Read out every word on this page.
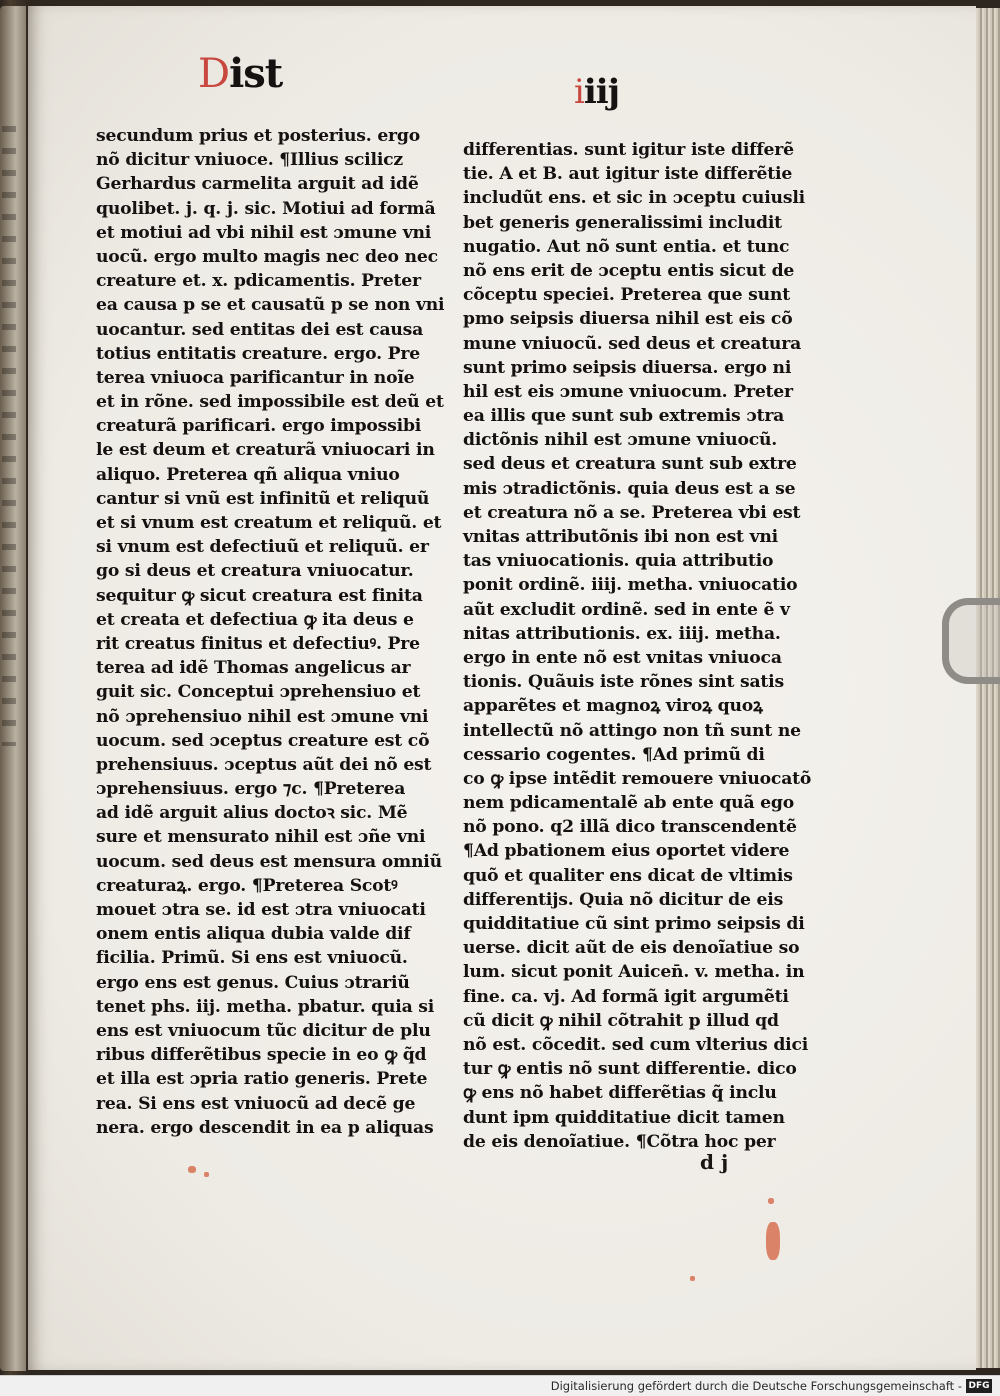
Dist	iiij
secundum prius et posterius. ergo
nõ dicitur vniuoce. ¶Illius scilicz
Gerhardus carmelita arguit ad idẽ
quolibet. j. q. j. sic. Motiui ad formã
et motiui ad vbi nihil est ɔmune vni
uocũ. ergo multo magis nec deo nec
creature et. x. pdicamentis. Preter
ea causa p se et causatũ p se non vni
uocantur. sed entitas dei est causa
totius entitatis creature. ergo. Pre
terea vniuoca parificantur in noĩe
et in rõne. sed impossibile est deũ et
creaturã parificari. ergo impossibi
le est deum et creaturã vniuocari in
aliquo. Preterea qñ aliqua vniuo
cantur si vnũ est infinitũ et reliquũ
et si vnum est creatum et reliquũ. et
si vnum est defectiuũ et reliquũ. er
go si deus et creatura vniuocatur.
sequitur ꝙ sicut creatura est finita
et creata et defectiua ꝙ ita deus e
rit creatus finitus et defectiuꝰ. Pre
terea ad idẽ Thomas angelicus ar
guit sic. Conceptui ɔprehensiuo et
nõ ɔprehensiuo nihil est ɔmune vni
uocum. sed ɔceptus creature est cõ
prehensiuus. ɔceptus aũt dei nõ est
ɔprehensiuus. ergo ⁊c. ¶Preterea
ad idẽ arguit alius doctoꝛ sic. Mẽ
sure et mensurato nihil est ɔñe vni
uocum. sed deus est mensura omniũ
creaturaꝝ. ergo. ¶Preterea Scotꝰ
mouet ɔtra se. id est ɔtra vniuocati
onem entis aliqua dubia valde dif
ficilia. Primũ. Si ens est vniuocũ.
ergo ens est genus. Cuius ɔtrariũ
tenet phs. iij. metha. pbatur. quia si
ens est vniuocum tũc dicitur de plu
ribus differẽtibus specie in eo ꝙ q̃d
et illa est ɔpria ratio generis. Prete
rea. Si ens est vniuocũ ad decẽ ge
nera. ergo descendit in ea p aliquas
differentias. sunt igitur iste differẽ
tie. A et B. aut igitur iste differẽtie
includũt ens. et sic in ɔceptu cuiusli
bet generis generalissimi includit
nugatio. Aut nõ sunt entia. et tunc
nõ ens erit de ɔceptu entis sicut de
cõceptu speciei. Preterea que sunt
pmo seipsis diuersa nihil est eis cõ
mune vniuocũ. sed deus et creatura
sunt primo seipsis diuersa. ergo ni
hil est eis ɔmune vniuocum. Preter
ea illis que sunt sub extremis ɔtra
dictõnis nihil est ɔmune vniuocũ.
sed deus et creatura sunt sub extre
mis ɔtradictõnis. quia deus est a se
et creatura nõ a se. Preterea vbi est
vnitas attributõnis ibi non est vni
tas vniuocationis. quia attributio
ponit ordinẽ. iiij. metha. vniuocatio
aũt excludit ordinẽ. sed in ente ẽ v
nitas attributionis. ex. iiij. metha.
ergo in ente nõ est vnitas vniuoca
tionis. Quãuis iste rõnes sint satis
apparẽtes et magnoꝝ viroꝝ quoꝝ
intellectũ nõ attingo non tñ sunt ne
cessario cogentes. ¶Ad primũ di
co ꝙ ipse intẽdit remouere vniuocatõ
nem pdicamentalẽ ab ente quã ego
nõ pono. q2 illã dico transcendentẽ
¶Ad pbationem eius oportet videre
quõ et qualiter ens dicat de vltimis
differentijs. Quia nõ dicitur de eis
quidditatiue cũ sint primo seipsis di
uerse. dicit aũt de eis denoĩatiue so
lum. sicut ponit Auicen̄. v. metha. in
fine. ca. vj. Ad formã igit argumẽti
cũ dicit ꝙ nihil cõtrahit p illud qd
nõ est. cõcedit. sed cum vlterius dici
tur ꝙ entis nõ sunt differentie. dico
ꝙ ens nõ habet differẽtias q̃ inclu
dunt ipm quidditatiue dicit tamen
de eis denoĩatiue. ¶Cõtra hoc per
d j
Digitalisierung gefördert durch die Deutsche Forschungsgemeinschaft - DFG
